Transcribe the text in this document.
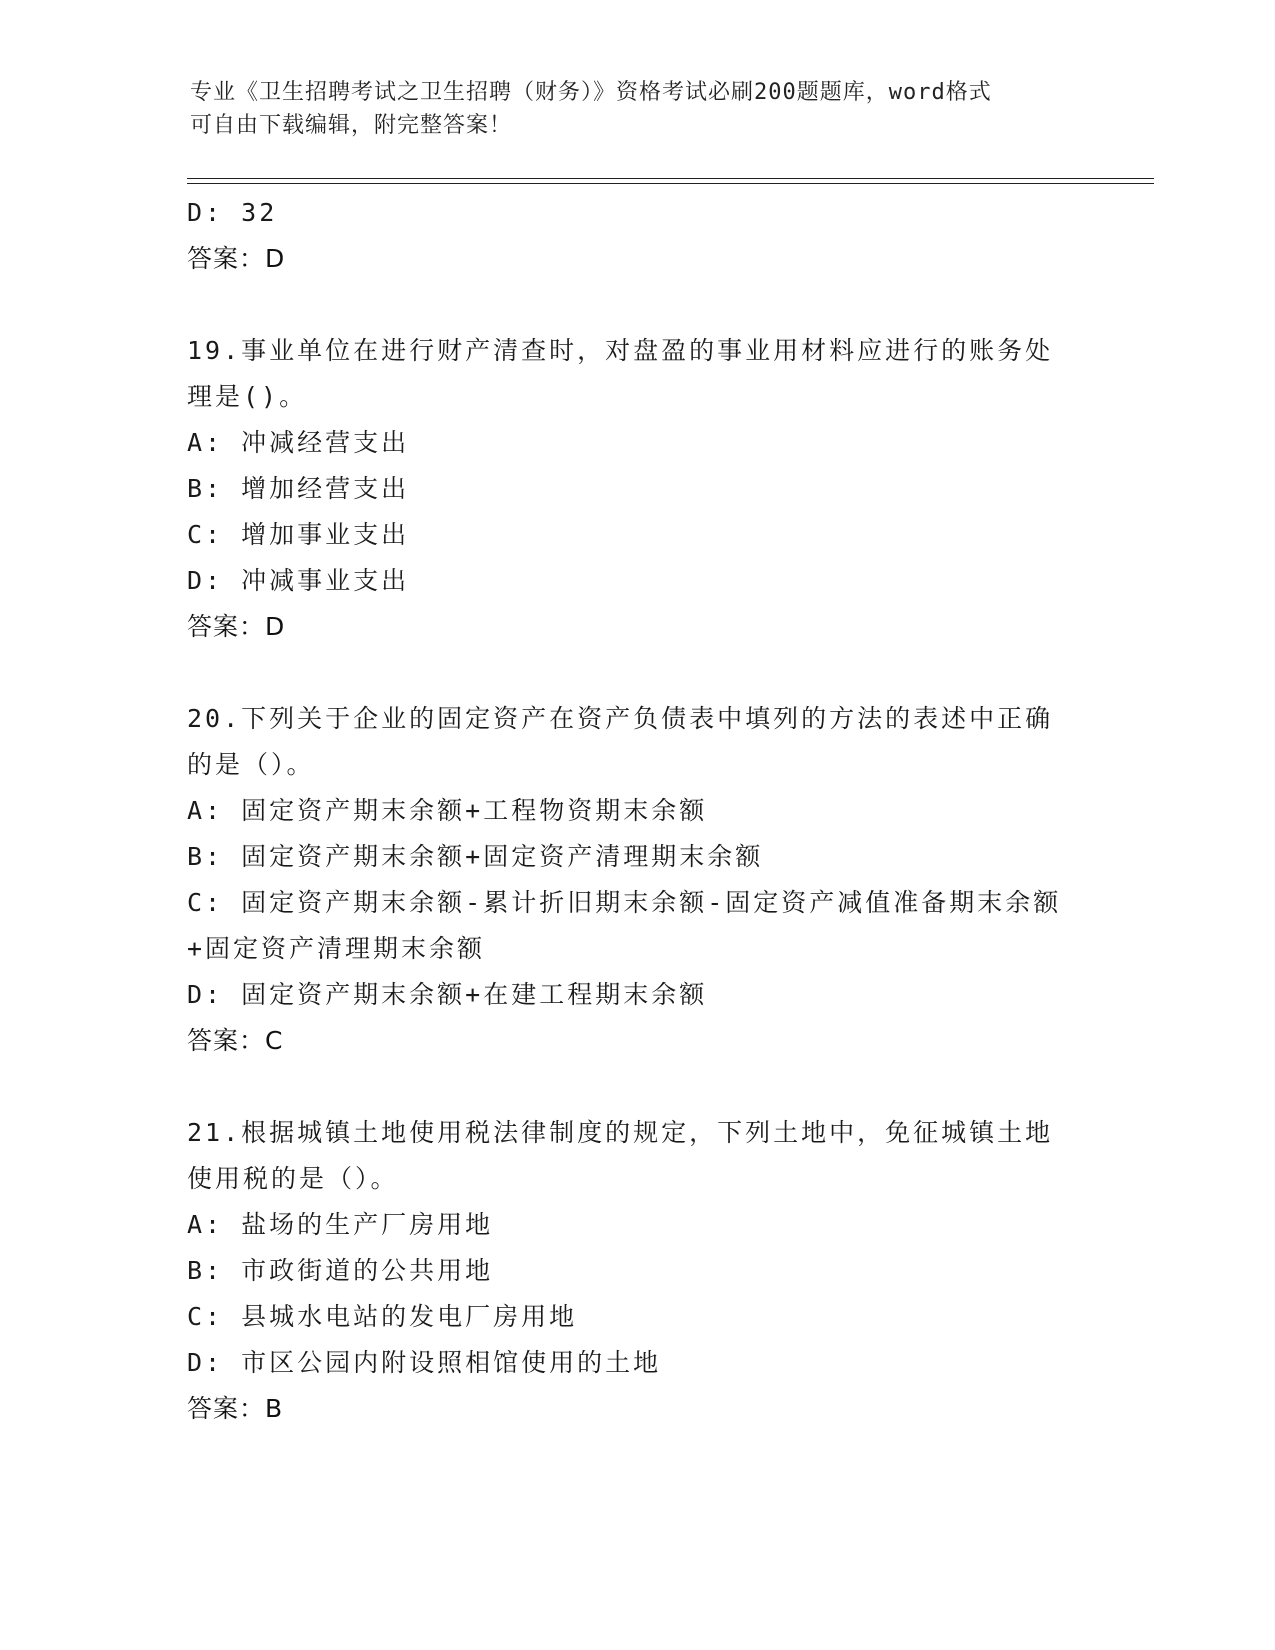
专业《卫生招聘考试之卫生招聘（财务）》资格考试必刷200题题库，word格式
可自由下载编辑，附完整答案！
D: 32
答案：D
19.事业单位在进行财产清查时，对盘盈的事业用材料应进行的账务处
理是()。
A: 冲减经营支出
B: 增加经营支出
C: 增加事业支出
D: 冲减事业支出
答案：D
20.下列关于企业的固定资产在资产负债表中填列的方法的表述中正确
的是（）。
A: 固定资产期末余额+工程物资期末余额
B: 固定资产期末余额+固定资产清理期末余额
C: 固定资产期末余额-累计折旧期末余额-固定资产减值准备期末余额
+固定资产清理期末余额
D: 固定资产期末余额+在建工程期末余额
答案：C
21.根据城镇土地使用税法律制度的规定，下列土地中，免征城镇土地
使用税的是（）。
A: 盐场的生产厂房用地
B: 市政街道的公共用地
C: 县城水电站的发电厂房用地
D: 市区公园内附设照相馆使用的土地
答案：B
